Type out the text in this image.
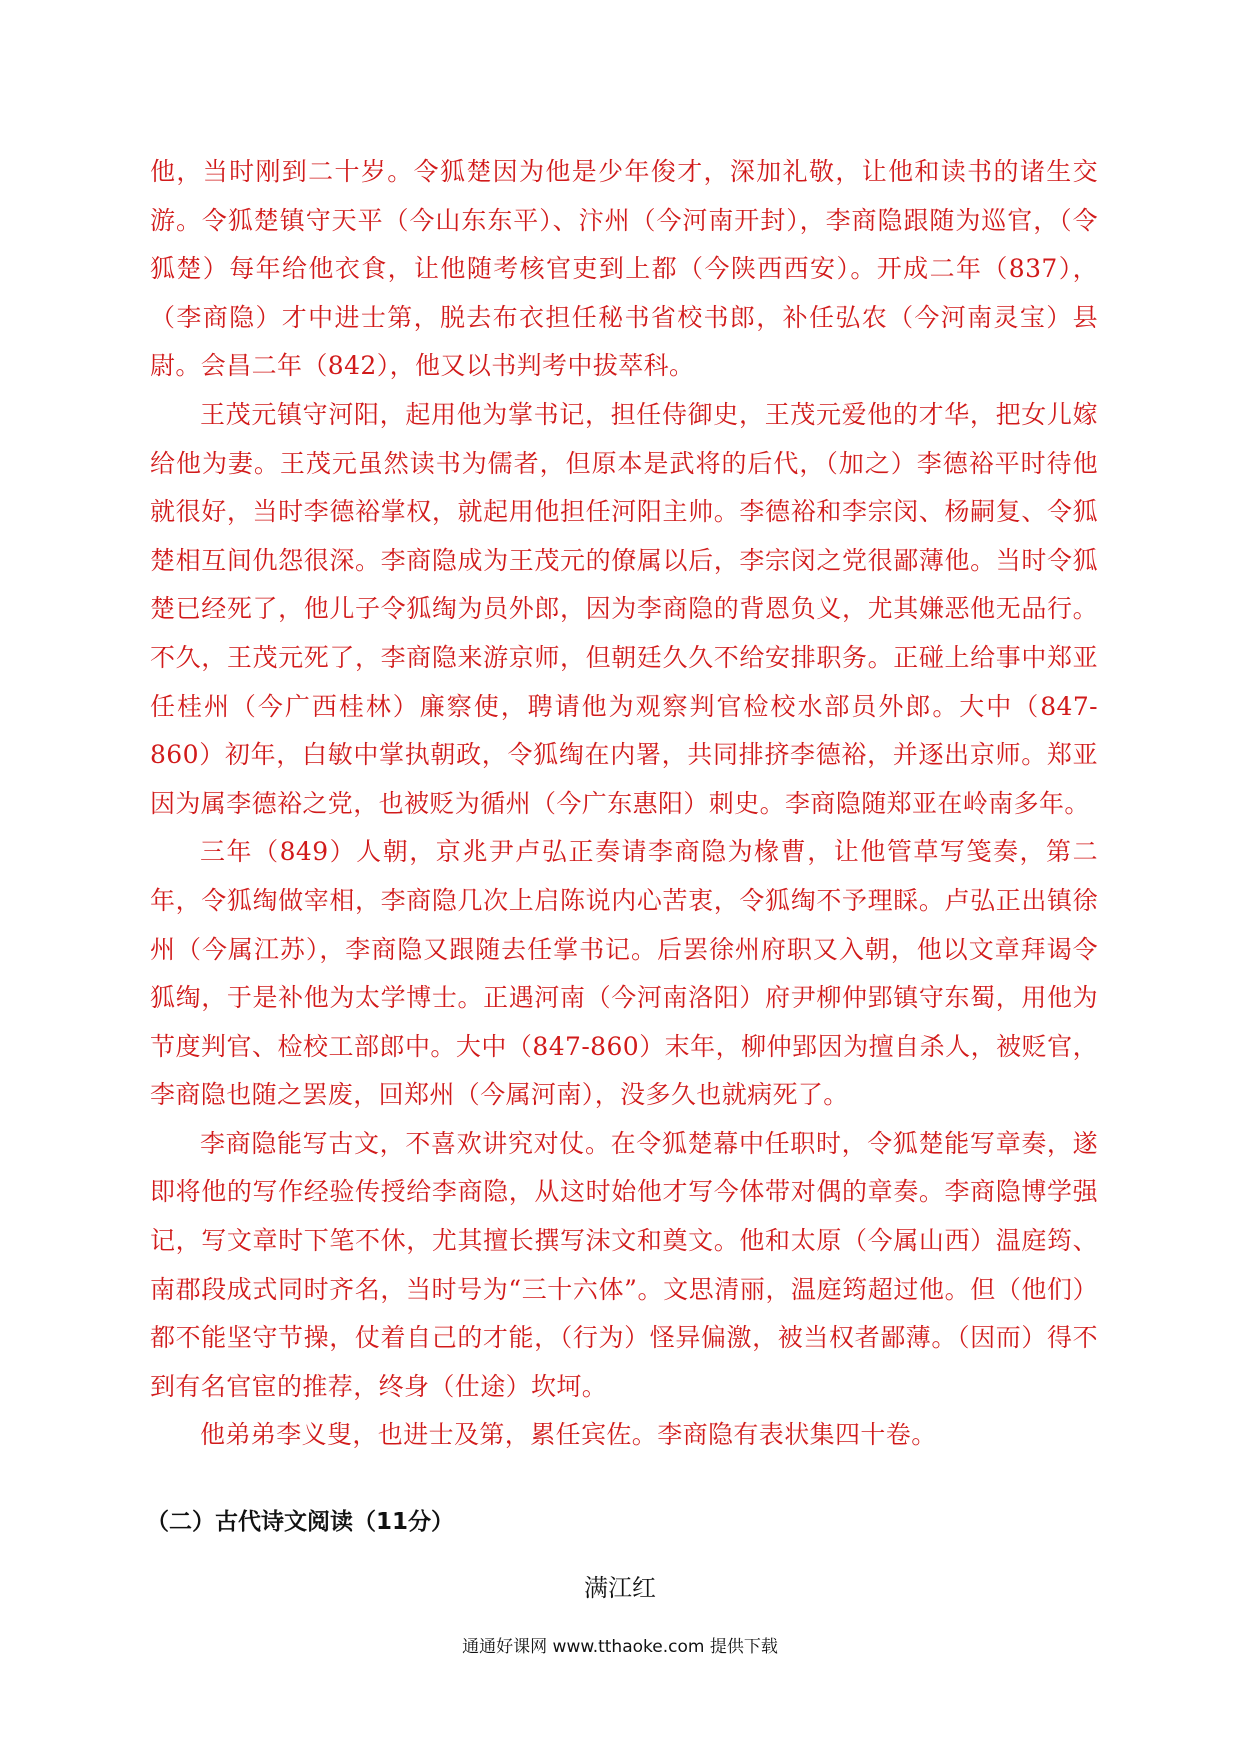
他，当时刚到二十岁。令狐楚因为他是少年俊才，深加礼敬，让他和读书的诸生交游。令狐楚镇守天平（今山东东平）、汴州（今河南开封），李商隐跟随为巡官，（令狐楚）每年给他衣食，让他随考核官吏到上都（今陕西西安）。开成二年（837），（李商隐）才中进士第，脱去布衣担任秘书省校书郎，补任弘农（今河南灵宝）县尉。会昌二年（842），他又以书判考中拔萃科。

王茂元镇守河阳，起用他为掌书记，担任侍御史，王茂元爱他的才华，把女儿嫁给他为妻。王茂元虽然读书为儒者，但原本是武将的后代，（加之）李德裕平时待他就很好，当时李德裕掌权，就起用他担任河阳主帅。李德裕和李宗闵、杨嗣复、令狐楚相互间仇怨很深。李商隐成为王茂元的僚属以后，李宗闵之党很鄙薄他。当时令狐楚已经死了，他儿子令狐绹为员外郎，因为李商隐的背恩负义，尤其嫌恶他无品行。不久，王茂元死了，李商隐来游京师，但朝廷久久不给安排职务。正碰上给事中郑亚任桂州（今广西桂林）廉察使，聘请他为观察判官检校水部员外郎。大中（847-860）初年，白敏中掌执朝政，令狐绹在内署，共同排挤李德裕，并逐出京师。郑亚因为属李德裕之党，也被贬为循州（今广东惠阳）刺史。李商隐随郑亚在岭南多年。

三年（849）人朝，京兆尹卢弘正奏请李商隐为椽曹，让他管草写笺奏，第二年，令狐绹做宰相，李商隐几次上启陈说内心苦衷，令狐绹不予理睬。卢弘正出镇徐州（今属江苏），李商隐又跟随去任掌书记。后罢徐州府职又入朝，他以文章拜谒令狐绹，于是补他为太学博士。正遇河南（今河南洛阳）府尹柳仲郢镇守东蜀，用他为节度判官、检校工部郎中。大中（847-860）末年，柳仲郢因为擅自杀人，被贬官，李商隐也随之罢废，回郑州（今属河南），没多久也就病死了。

李商隐能写古文，不喜欢讲究对仗。在令狐楚幕中任职时，令狐楚能写章奏，遂即将他的写作经验传授给李商隐，从这时始他才写今体带对偶的章奏。李商隐博学强记，写文章时下笔不休，尤其擅长撰写沫文和奠文。他和太原（今属山西）温庭筠、南郡段成式同时齐名，当时号为“三十六体”。文思清丽，温庭筠超过他。但（他们）都不能坚守节操，仗着自己的才能，（行为）怪异偏激，被当权者鄙薄。（因而）得不到有名官宦的推荐，终身（仕途）坎坷。

他弟弟李义叟，也进士及第，累任宾佐。李商隐有表状集四十卷。

（二）古代诗文阅读（11分）
满江红
通通好课网 www.tthaoke.com 提供下载
